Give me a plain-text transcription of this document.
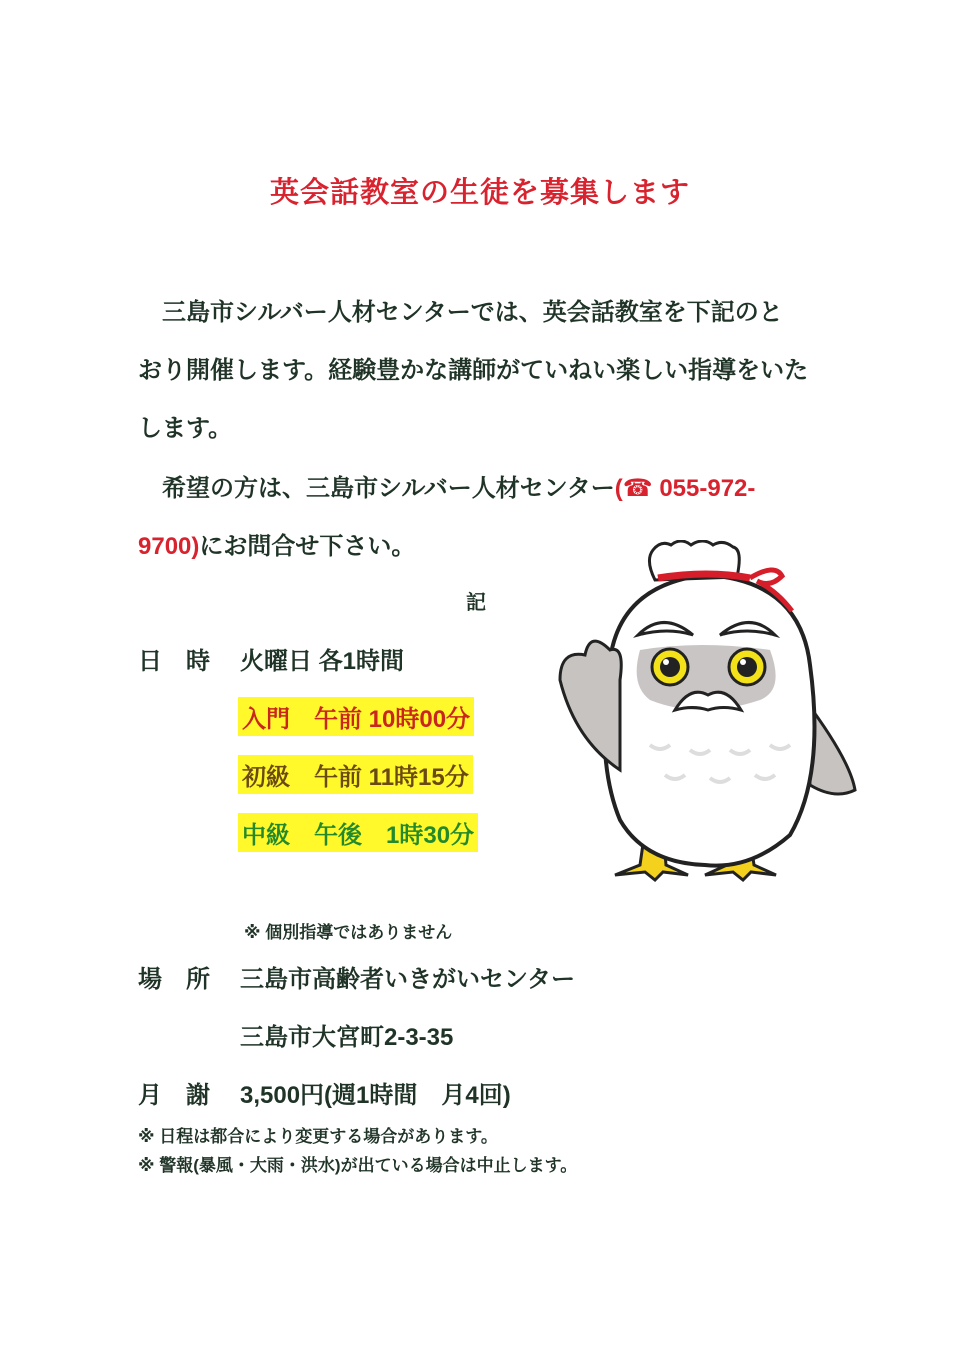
英会話教室の生徒を募集します
三島市シルバー人材センターでは、英会話教室を下記のと
おり開催します。経験豊かな講師がていねい楽しい指導をいた
します。
希望の方は、三島市シルバー人材センター(☎ 055-972-
9700)にお問合せ下さい。
記
日　時 火曜日 各1時間
入門　午前 10時00分
初級　午前 11時15分
中級　午後　1時30分
※ 個別指導ではありません
場　所 三島市高齢者いきがいセンター
三島市大宮町2-3-35
月　謝 3,500円(週1時間　月4回)
※ 日程は都合により変更する場合があります。
※ 警報(暴風・大雨・洪水)が出ている場合は中止します。
